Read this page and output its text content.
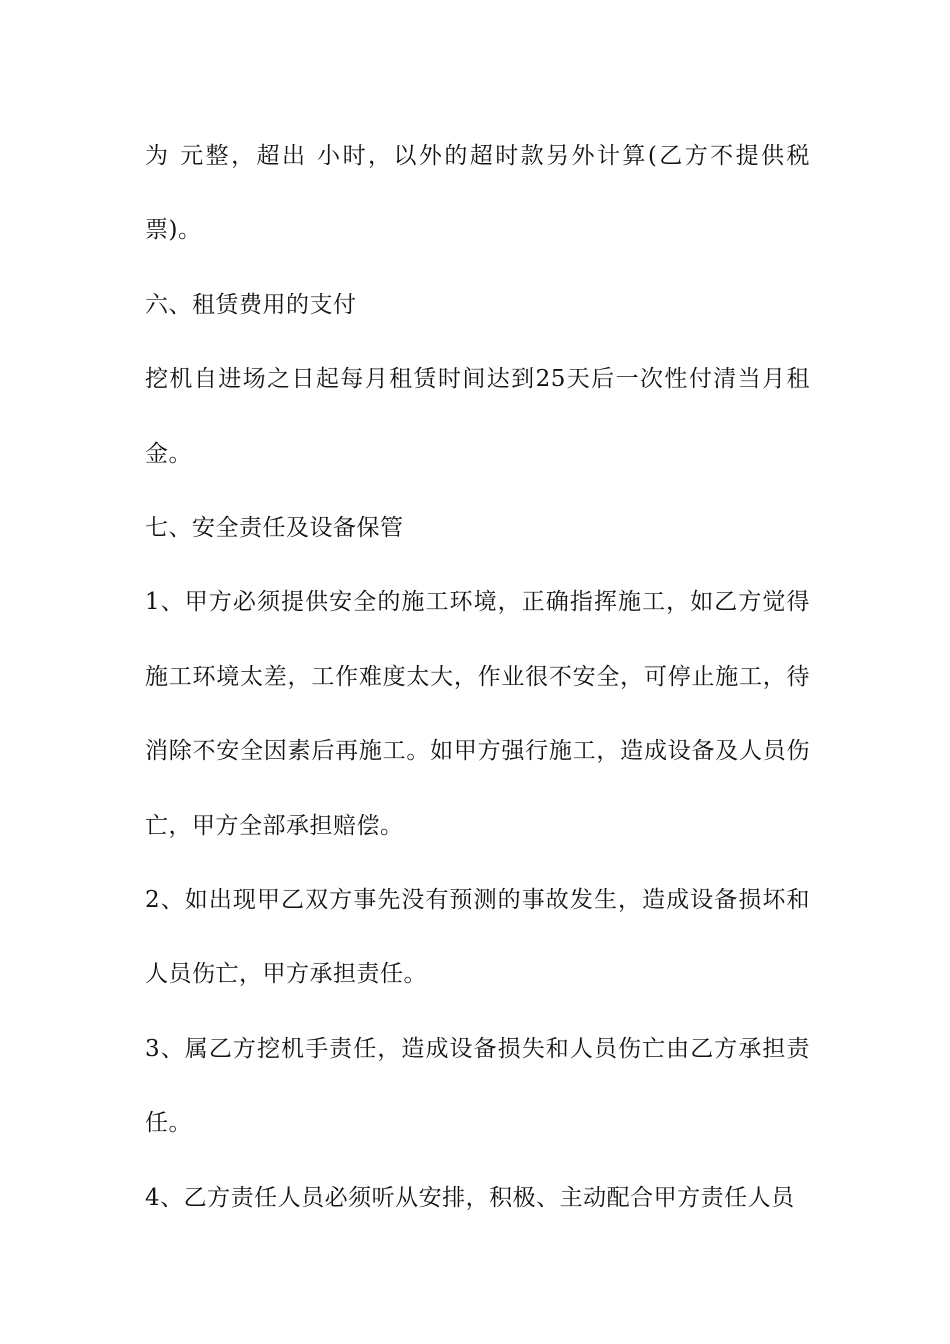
为 元整，超出 小时，以外的超时款另外计算(乙方不提供税票)。

六、租赁费用的支付

挖机自进场之日起每月租赁时间达到25天后一次性付清当月租金。

七、安全责任及设备保管

1、甲方必须提供安全的施工环境，正确指挥施工，如乙方觉得施工环境太差，工作难度太大，作业很不安全，可停止施工，待消除不安全因素后再施工。如甲方强行施工，造成设备及人员伤亡，甲方全部承担赔偿。

2、如出现甲乙双方事先没有预测的事故发生，造成设备损坏和人员伤亡，甲方承担责任。

3、属乙方挖机手责任，造成设备损失和人员伤亡由乙方承担责任。

4、乙方责任人员必须听从安排，积极、主动配合甲方责任人员
